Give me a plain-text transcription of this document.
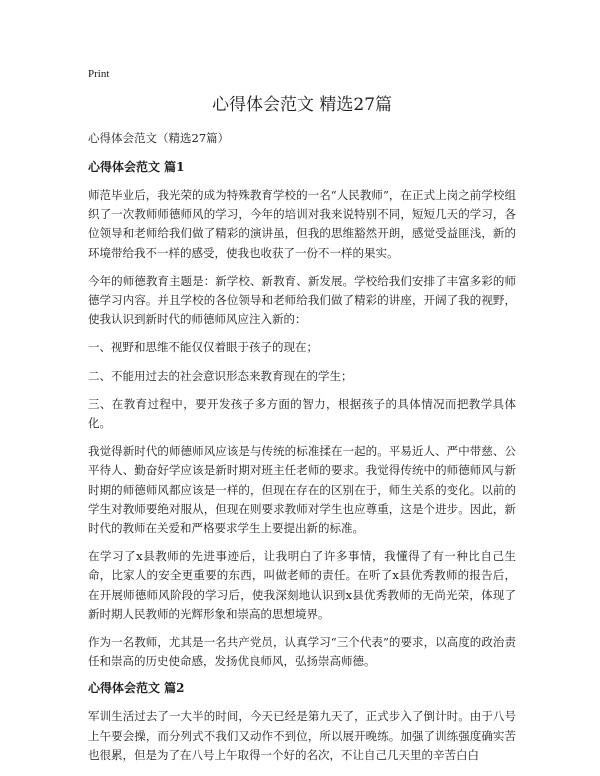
Print
心得体会范文 精选27篇
心得体会范文（精选27篇）
心得体会范文 篇1

师范毕业后，我光荣的成为特殊教育学校的一名“人民教师”，在正式上岗之前学校组织了一次教师师德师风的学习，今年的培训对我来说特别不同，短短几天的学习，各位领导和老师给我们做了精彩的演讲虽，但我的思维豁然开朗，感觉受益匪浅，新的环境带给我不一样的感受，使我也收获了一份不一样的果实。

今年的师德教育主题是：新学校、新教育、新发展。学校给我们安排了丰富多彩的师德学习内容。并且学校的各位领导和老师给我们做了精彩的讲座，开阔了我的视野，使我认识到新时代的师德师风应注入新的：

一、视野和思维不能仅仅着眼于孩子的现在；

二、不能用过去的社会意识形态来教育现在的学生；

三、在教育过程中，要开发孩子多方面的智力，根据孩子的具体情况而把教学具体化。

我觉得新时代的师德师风应该是与传统的标准揉在一起的。平易近人、严中带慈、公平待人、勤奋好学应该是新时期对班主任老师的要求。我觉得传统中的师德师风与新时期的师德师风都应该是一样的，但现在存在的区别在于，师生关系的变化。以前的学生对教师要绝对服从，但现在则要求教师对学生也应尊重，这是个进步。因此，新时代的教师在关爱和严格要求学生上要提出新的标准。

在学习了x县教师的先进事迹后，让我明白了许多事情，我懂得了有一种比自己生命，比家人的安全更重要的东西，叫做老师的责任。在听了x县优秀教师的报告后，在开展师德师风阶段的学习后，使我深刻地认识到x县优秀教师的无尚光荣，体现了新时期人民教师的光辉形象和崇高的思想境界。

作为一名教师，尤其是一名共产党员，认真学习“三个代表”的要求，以高度的政治责任和崇高的历史使命感，发扬优良师风，弘扬崇高师德。

心得体会范文 篇2

军训生活过去了一大半的时间，今天已经是第九天了，正式步入了倒计时。由于八号上午要会操，而分列式不我们又动作不到位，所以展开晚练。加强了训练强度确实苦也很累，但是为了在八号上午取得一个好的名次，不让自己几天里的辛苦白白
